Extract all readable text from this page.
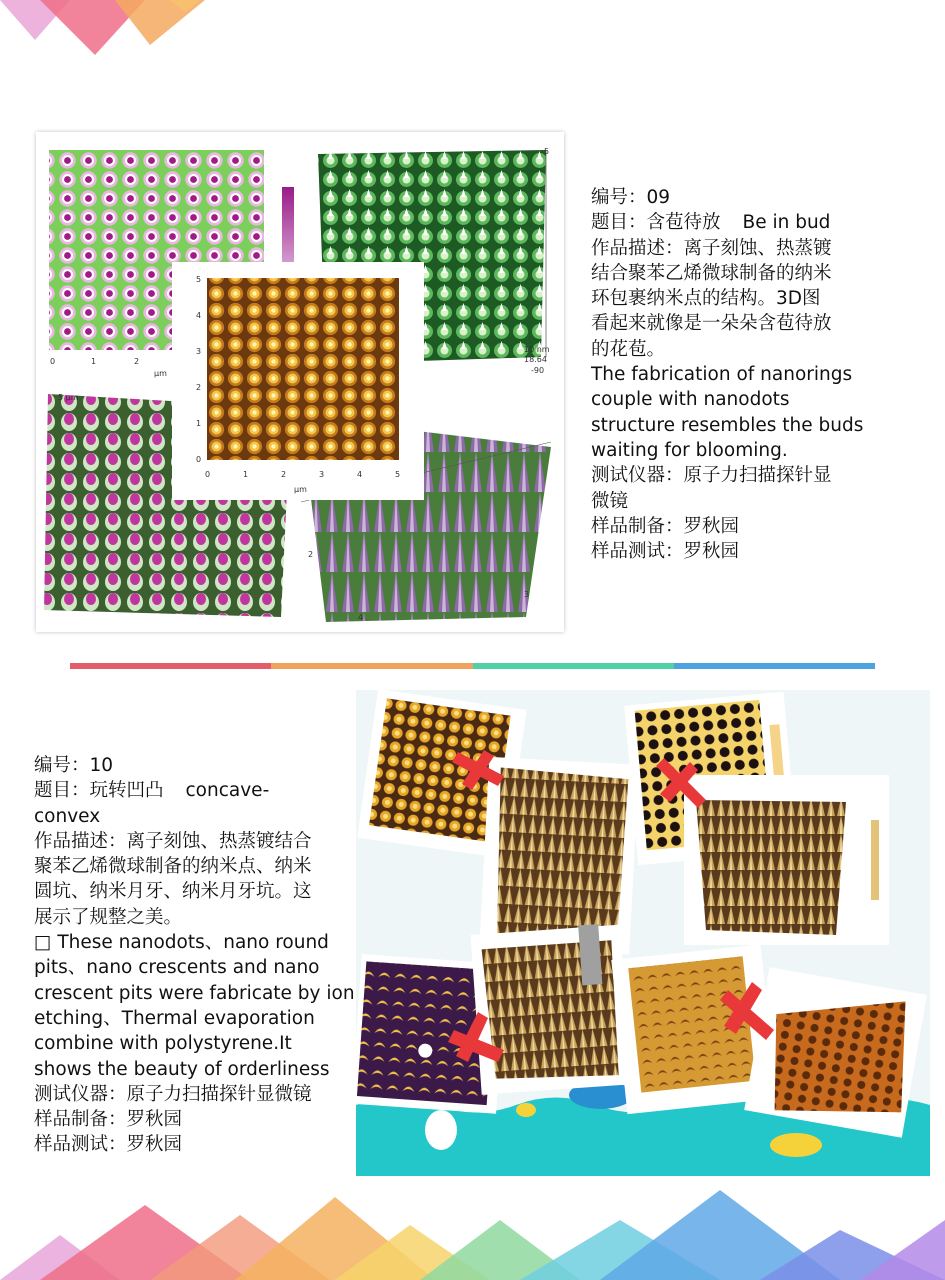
0	1	2
μm
5
10 nm
18.64
-90
5 μm
2
3
4
5
4
3
2
1
0
0	1	2	3	4	5
μm
编号：09
题目：含苞待放 Be in bud
作品描述：离子刻蚀、热蒸镀
结合聚苯乙烯微球制备的纳米
环包裹纳米点的结构。3D图
看起来就像是一朵朵含苞待放
的花苞。
The fabrication of nanorings
couple with nanodots
structure resembles the buds
waiting for blooming.
测试仪器：原子力扫描探针显
微镜
样品制备：罗秋园
样品测试：罗秋园
编号：10
题目：玩转凹凸 concave-
convex
作品描述：离子刻蚀、热蒸镀结合
聚苯乙烯微球制备的纳米点、纳米
圆坑、纳米月牙、纳米月牙坑。这
展示了规整之美。
□ These nanodots、nano round
pits、nano crescents and nano
crescent pits were fabricate by ion
etching、Thermal evaporation
combine with polystyrene.It
shows the beauty of orderliness
测试仪器：原子力扫描探针显微镜
样品制备：罗秋园
样品测试：罗秋园
